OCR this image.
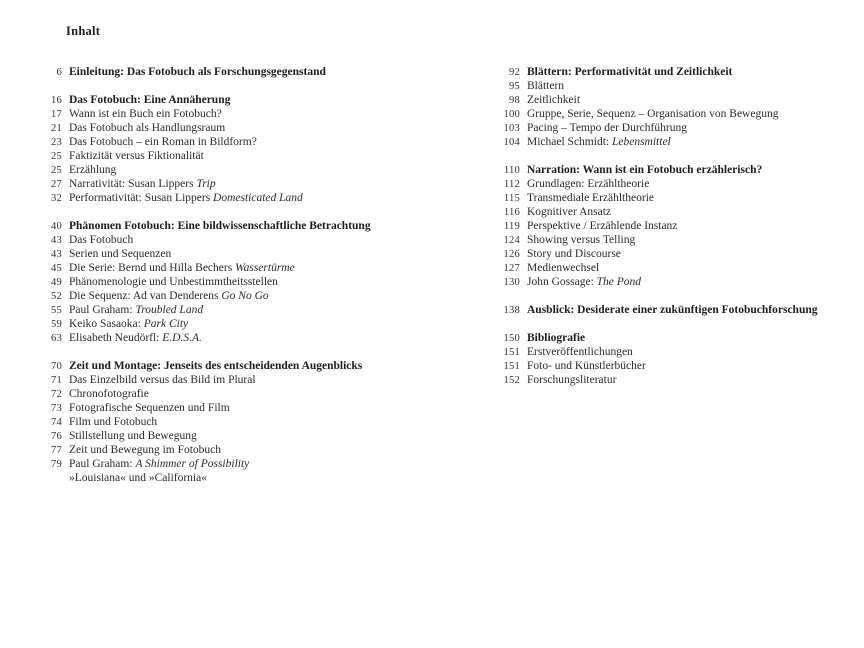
Inhalt
6 Einleitung: Das Fotobuch als Forschungsgegenstand
16 Das Fotobuch: Eine Annäherung
17 Wann ist ein Buch ein Fotobuch?
21 Das Fotobuch als Handlungsraum
23 Das Fotobuch – ein Roman in Bildform?
25 Faktizität versus Fiktionalität
25 Erzählung
27 Narrativität: Susan Lippers Trip
32 Performativität: Susan Lippers Domesticated Land
40 Phänomen Fotobuch: Eine bildwissenschaftliche Betrachtung
43 Das Fotobuch
43 Serien und Sequenzen
45 Die Serie: Bernd und Hilla Bechers Wassertürme
49 Phänomenologie und Unbestimmtheitsstellen
52 Die Sequenz: Ad van Denderens Go No Go
55 Paul Graham: Troubled Land
59 Keiko Sasaoka: Park City
63 Elisabeth Neudörfl: E.D.S.A.
70 Zeit und Montage: Jenseits des entscheidenden Augenblicks
71 Das Einzelbild versus das Bild im Plural
72 Chronofotografie
73 Fotografische Sequenzen und Film
74 Film und Fotobuch
76 Stillstellung und Bewegung
77 Zeit und Bewegung im Fotobuch
79 Paul Graham: A Shimmer of Possibility
»Louisiana« und »California«
92 Blättern: Performativität und Zeitlichkeit
95 Blättern
98 Zeitlichkeit
100 Gruppe, Serie, Sequenz – Organisation von Bewegung
103 Pacing – Tempo der Durchführung
104 Michael Schmidt: Lebensmittel
110 Narration: Wann ist ein Fotobuch erzählerisch?
112 Grundlagen: Erzähltheorie
115 Transmediale Erzähltheorie
116 Kognitiver Ansatz
119 Perspektive / Erzählende Instanz
124 Showing versus Telling
126 Story und Discourse
127 Medienwechsel
130 John Gossage: The Pond
138 Ausblick: Desiderate einer zukünftigen Fotobuchforschung
150 Bibliografie
151 Erstveröffentlichungen
151 Foto- und Künstlerbücher
152 Forschungsliteratur
